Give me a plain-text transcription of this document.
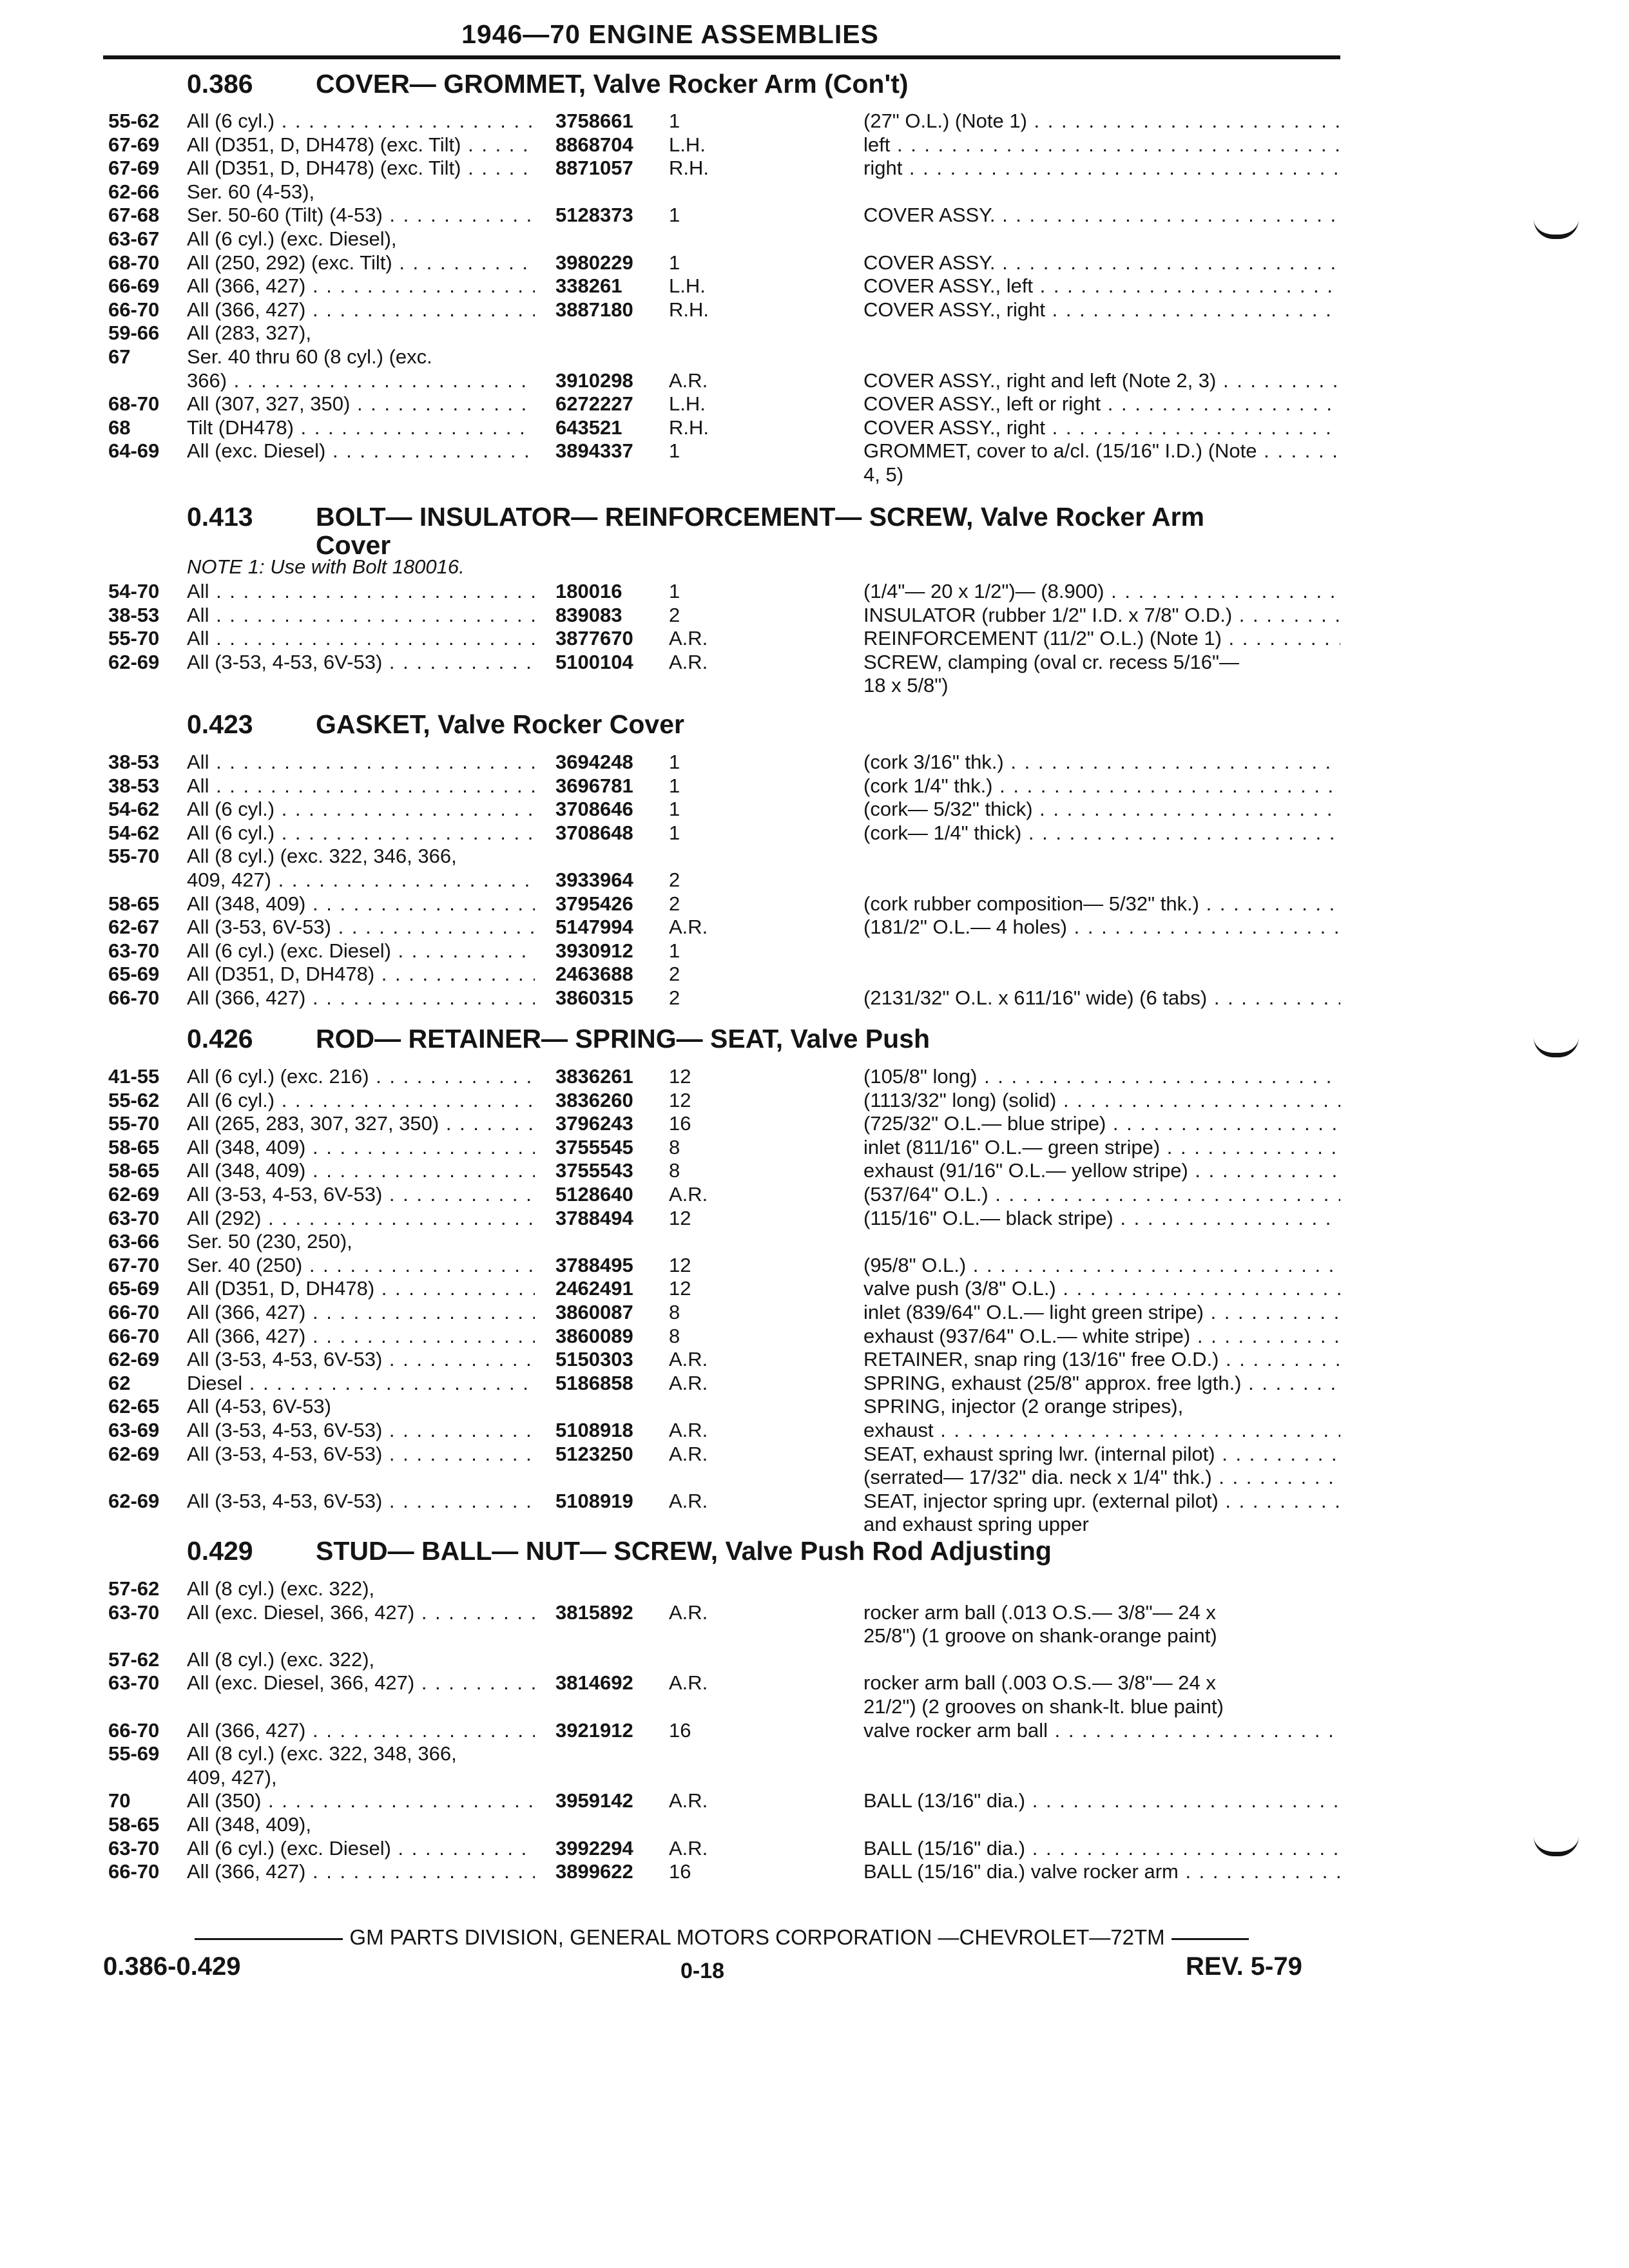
1946—70 ENGINE ASSEMBLIES
0.386 COVER— GROMMET, Valve Rocker Arm (Con't)
55-62	All (6 cyl.) . . .	3758661 1	(27" O.L.) (Note 1) . . .
67-69	All (D351, D, DH478) (exc. Tilt) . . .	8868704 L.H.	left . . .
67-69	All (D351, D, DH478) (exc. Tilt) . . .	8871057 R.H.	right . . .
62-66	Ser. 60 (4-53),
67-68	Ser. 50-60 (Tilt) (4-53) . . .	5128373 1	COVER ASSY. . . .
63-67	All (6 cyl.) (exc. Diesel),
68-70	All (250, 292) (exc. Tilt) . . .	3980229 1	COVER ASSY. . . .
66-69	All (366, 427) . . .	338261 L.H.	COVER ASSY., left . . .
66-70	All (366, 427) . . .	3887180 R.H.	COVER ASSY., right . . .
59-66	All (283, 327),
67	Ser. 40 thru 60 (8 cyl.) (exc.
366) . . .	3910298 A.R.	COVER ASSY., right and left (Note 2, 3) . . .
68-70	All (307, 327, 350) . . .	6272227 L.H.	COVER ASSY., left or right . . .
68	Tilt (DH478) . . .	643521 R.H.	COVER ASSY., right . . .
64-69	All (exc. Diesel) . . .	3894337 1	GROMMET, cover to a/cl. (15/16" I.D.) (Note . . .
4, 5)
0.413 BOLT— INSULATOR— REINFORCEMENT— SCREW, Valve Rocker Arm
Cover
NOTE 1: Use with Bolt 180016.
54-70	All . . .	180016 1	(1/4"— 20 x 1/2")— (8.900) . . .
38-53	All . . .	839083 2	INSULATOR (rubber 1/2" I.D. x 7/8" O.D.) . . .
55-70	All . . .	3877670 A.R.	REINFORCEMENT (11/2" O.L.) (Note 1) . . .
62-69	All (3-53, 4-53, 6V-53) . . .	5100104 A.R.	SCREW, clamping (oval cr. recess 5/16"—
18 x 5/8")
0.423 GASKET, Valve Rocker Cover
38-53	All . . .	3694248 1	(cork 3/16" thk.) . . .
38-53	All . . .	3696781 1	(cork 1/4" thk.) . . .
54-62	All (6 cyl.) . . .	3708646 1	(cork— 5/32" thick) . . .
54-62	All (6 cyl.) . . .	3708648 1	(cork— 1/4" thick) . . .
55-70	All (8 cyl.) (exc. 322, 346, 366,
409, 427) . . .	3933964 2
58-65	All (348, 409) . . .	3795426 2	(cork rubber composition— 5/32" thk.) . . .
62-67	All (3-53, 6V-53) . . .	5147994 A.R.	(181/2" O.L.— 4 holes) . . .
63-70	All (6 cyl.) (exc. Diesel) . . .	3930912 1
65-69	All (D351, D, DH478) . . .	2463688 2
66-70	All (366, 427) . . .	3860315 2	(2131/32" O.L. x 611/16" wide) (6 tabs) . . .
0.426 ROD— RETAINER— SPRING— SEAT, Valve Push
41-55	All (6 cyl.) (exc. 216) . . .	3836261 12	(105/8" long) . . .
55-62	All (6 cyl.) . . .	3836260 12	(1113/32" long) (solid) . . .
55-70	All (265, 283, 307, 327, 350) . . .	3796243 16	(725/32" O.L.— blue stripe) . . .
58-65	All (348, 409) . . .	3755545 8	inlet (811/16" O.L.— green stripe) . . .
58-65	All (348, 409) . . .	3755543 8	exhaust (91/16" O.L.— yellow stripe) . . .
62-69	All (3-53, 4-53, 6V-53) . . .	5128640 A.R.	(537/64" O.L.) . . .
63-70	All (292) . . .	3788494 12	(115/16" O.L.— black stripe) . . .
63-66	Ser. 50 (230, 250),
67-70	Ser. 40 (250) . . .	3788495 12	(95/8" O.L.) . . .
65-69	All (D351, D, DH478) . . .	2462491 12	valve push (3/8" O.L.) . . .
66-70	All (366, 427) . . .	3860087 8	inlet (839/64" O.L.— light green stripe) . . .
66-70	All (366, 427) . . .	3860089 8	exhaust (937/64" O.L.— white stripe) . . .
62-69	All (3-53, 4-53, 6V-53) . . .	5150303 A.R.	RETAINER, snap ring (13/16" free O.D.) . . .
62	Diesel . . .	5186858 A.R.	SPRING, exhaust (25/8" approx. free lgth.) . . .
62-65	All (4-53, 6V-53)	SPRING, injector (2 orange stripes),
63-69	All (3-53, 4-53, 6V-53) . . .	5108918 A.R.	exhaust . . .
62-69	All (3-53, 4-53, 6V-53) . . .	5123250 A.R.	SEAT, exhaust spring lwr. (internal pilot) . . .
(serrated— 17/32" dia. neck x 1/4" thk.) . . .
62-69	All (3-53, 4-53, 6V-53) . . .	5108919 A.R.	SEAT, injector spring upr. (external pilot) . . .
and exhaust spring upper
0.429 STUD— BALL— NUT— SCREW, Valve Push Rod Adjusting
57-62	All (8 cyl.) (exc. 322),
63-70	All (exc. Diesel, 366, 427) . . .	3815892 A.R.	rocker arm ball (.013 O.S.— 3/8"— 24 x
25/8") (1 groove on shank-orange paint)
57-62	All (8 cyl.) (exc. 322),
63-70	All (exc. Diesel, 366, 427) . . .	3814692 A.R.	rocker arm ball (.003 O.S.— 3/8"— 24 x
21/2") (2 grooves on shank-lt. blue paint)
66-70	All (366, 427) . . .	3921912 16	valve rocker arm ball . . .
55-69	All (8 cyl.) (exc. 322, 348, 366,
409, 427),
70	All (350) . . .	3959142 A.R.	BALL (13/16" dia.) . . .
58-65	All (348, 409),
63-70	All (6 cyl.) (exc. Diesel) . . .	3992294 A.R.	BALL (15/16" dia.) . . .
66-70	All (366, 427) . . .	3899622 16	BALL (15/16" dia.) valve rocker arm . . .
GM PARTS DIVISION, GENERAL MOTORS CORPORATION —CHEVROLET—72TM
0.386-0.429	0-18	REV. 5-79
